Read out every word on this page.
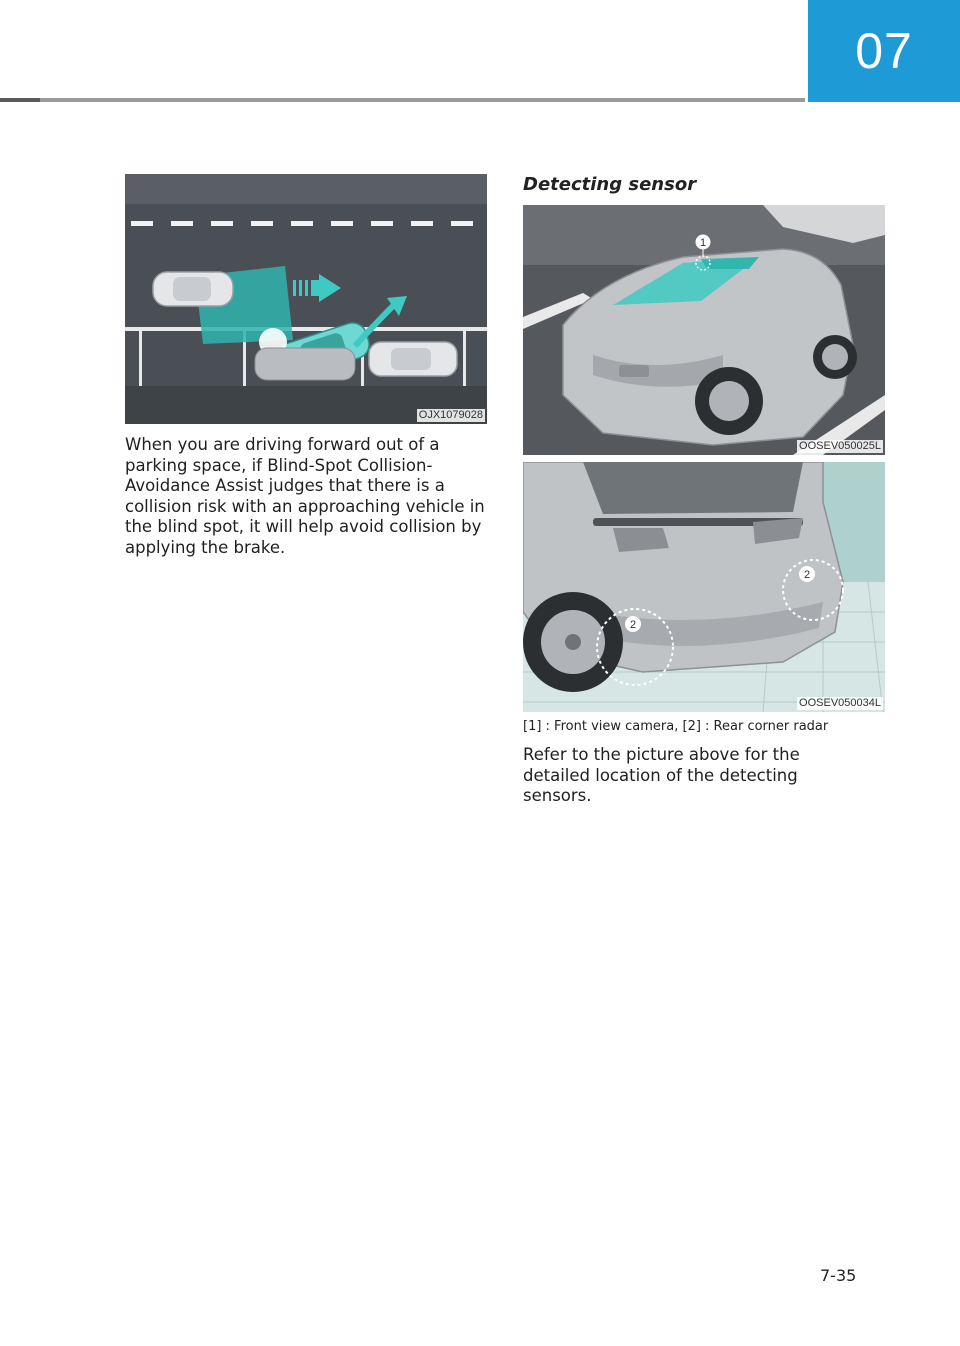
07
OJX1079028

When you are driving forward out of a parking space, if Blind-Spot Collision-Avoidance Assist judges that there is a collision risk with an approaching vehicle in the blind spot, it will help avoid collision by applying the brake.

Detecting sensor
1
OOSEV050025L
2
2
OOSEV050034L

[1] : Front view camera, [2] : Rear corner radar

Refer to the picture above for the detailed location of the detecting sensors.

7-35
